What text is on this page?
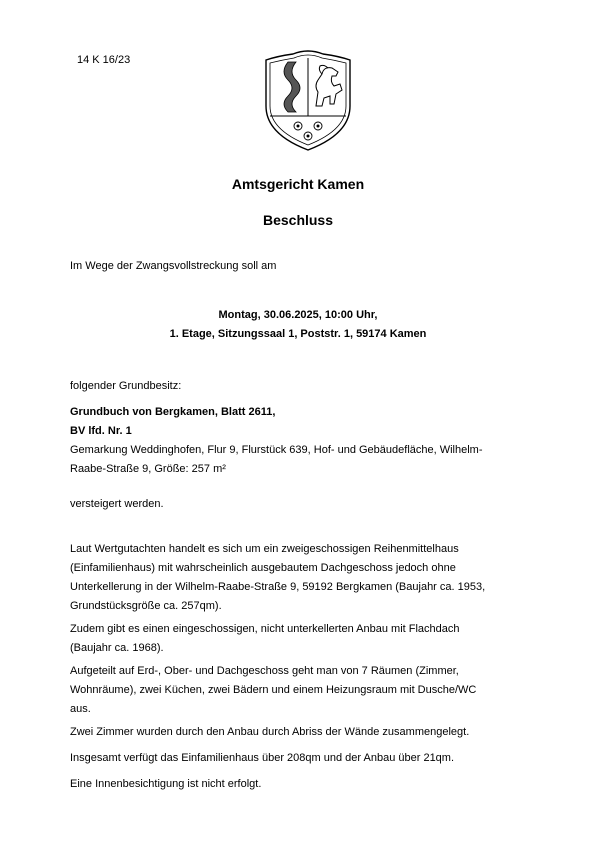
14 K 16/23
Amtsgericht Kamen
Beschluss
Im Wege der Zwangsvollstreckung soll am
Montag, 30.06.2025, 10:00 Uhr,
1. Etage, Sitzungssaal 1, Poststr. 1, 59174 Kamen
folgender Grundbesitz:
Grundbuch von Bergkamen, Blatt 2611,
BV lfd. Nr. 1
Gemarkung Weddinghofen, Flur 9, Flurstück 639, Hof- und Gebäudefläche, Wilhelm-
Raabe-Straße 9, Größe: 257 m²
versteigert werden.
Laut Wertgutachten handelt es sich um ein zweigeschossigen Reihenmittelhaus
(Einfamilienhaus) mit wahrscheinlich ausgebautem Dachgeschoss jedoch ohne
Unterkellerung in der Wilhelm-Raabe-Straße 9, 59192 Bergkamen (Baujahr ca. 1953,
Grundstücksgröße ca. 257qm).
Zudem gibt es einen eingeschossigen, nicht unterkellerten Anbau mit Flachdach
(Baujahr ca. 1968).
Aufgeteilt auf Erd-, Ober- und Dachgeschoss geht man von 7 Räumen (Zimmer,
Wohnräume), zwei Küchen, zwei Bädern und einem Heizungsraum mit Dusche/WC
aus.
Zwei Zimmer wurden durch den Anbau durch Abriss der Wände zusammengelegt.
Insgesamt verfügt das Einfamilienhaus über 208qm und der Anbau über 21qm.
Eine Innenbesichtigung ist nicht erfolgt.
